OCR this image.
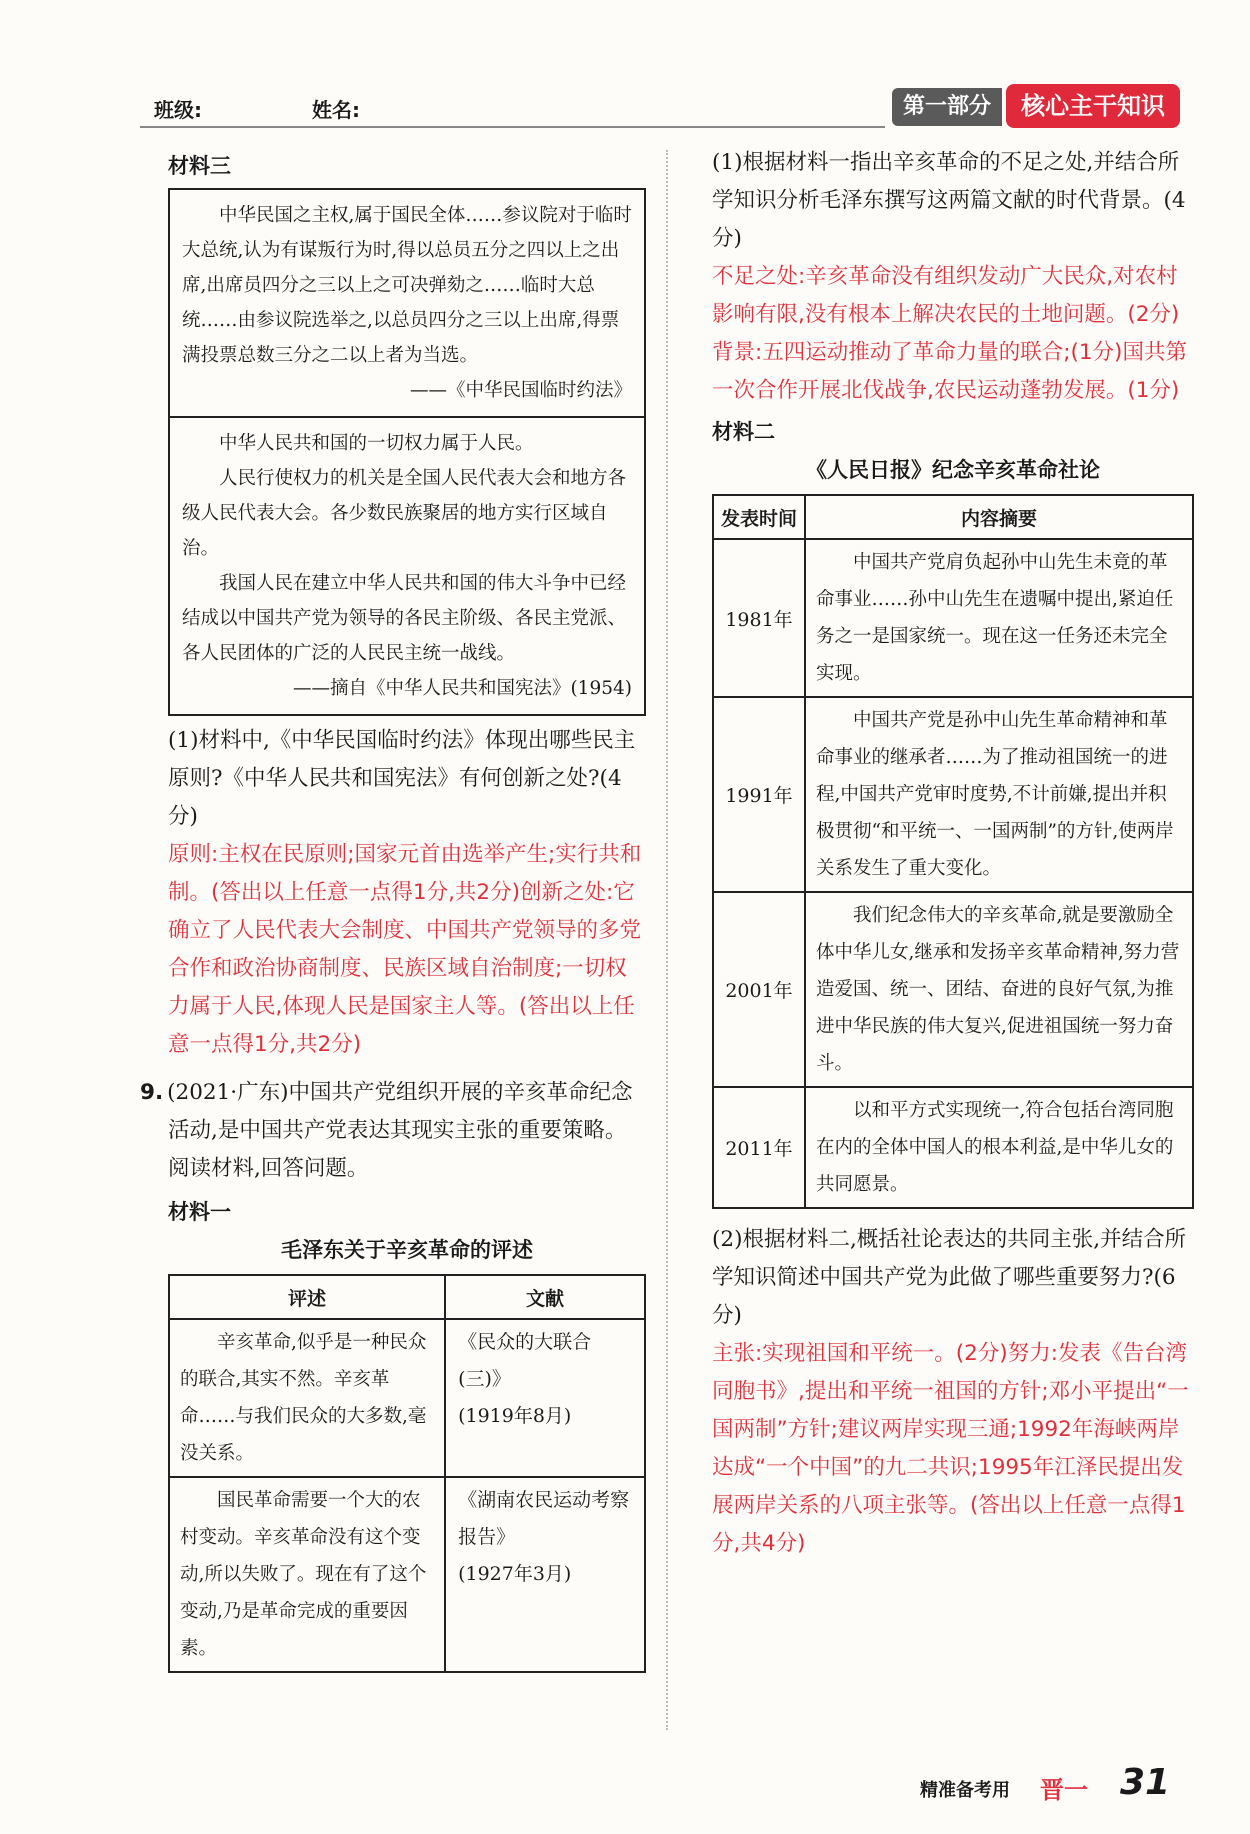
班级:	姓名:	第一部分	核心主干知识
材料三

中华民国之主权,属于国民全体……参议院对于临时大总统,认为有谋叛行为时,得以总员五分之四以上之出席,出席员四分之三以上之可决弹劾之……临时大总统……由参议院选举之,以总员四分之三以上出席,得票满投票总数三分之二以上者为当选。

——《中华民国临时约法》

中华人民共和国的一切权力属于人民。

人民行使权力的机关是全国人民代表大会和地方各级人民代表大会。各少数民族聚居的地方实行区域自治。

我国人民在建立中华人民共和国的伟大斗争中已经结成以中国共产党为领导的各民主阶级、各民主党派、各人民团体的广泛的人民民主统一战线。

——摘自《中华人民共和国宪法》(1954)

(1)材料中,《中华民国临时约法》体现出哪些民主原则?《中华人民共和国宪法》有何创新之处?(4分)

原则:主权在民原则;国家元首由选举产生;实行共和制。(答出以上任意一点得1分,共2分)创新之处:它确立了人民代表大会制度、中国共产党领导的多党合作和政治协商制度、民族区域自治制度;一切权力属于人民,体现人民是国家主人等。(答出以上任意一点得1分,共2分)

9. (2021·广东)中国共产党组织开展的辛亥革命纪念活动,是中国共产党表达其现实主张的重要策略。阅读材料,回答问题。

材料一
毛泽东关于辛亥革命的评述
评述	文献
辛亥革命,似乎是一种民众的联合,其实不然。辛亥革命……与我们民众的大多数,毫没关系。	《民众的大联合(三)》
(1919年8月)

国民革命需要一个大的农村变动。辛亥革命没有这个变动,所以失败了。现在有了这个变动,乃是革命完成的重要因素。	《湖南农民运动考察报告》
(1927年3月)

(1)根据材料一指出辛亥革命的不足之处,并结合所学知识分析毛泽东撰写这两篇文献的时代背景。(4分)

不足之处:辛亥革命没有组织发动广大民众,对农村影响有限,没有根本上解决农民的土地问题。(2分)背景:五四运动推动了革命力量的联合;(1分)国共第一次合作开展北伐战争,农民运动蓬勃发展。(1分)

材料二
《人民日报》纪念辛亥革命社论
发表时间	内容摘要
1981年	中国共产党肩负起孙中山先生未竟的革命事业……孙中山先生在遗嘱中提出,紧迫任务之一是国家统一。现在这一任务还未完全实现。
1991年	中国共产党是孙中山先生革命精神和革命事业的继承者……为了推动祖国统一的进程,中国共产党审时度势,不计前嫌,提出并积极贯彻“和平统一、一国两制”的方针,使两岸关系发生了重大变化。
2001年	我们纪念伟大的辛亥革命,就是要激励全体中华儿女,继承和发扬辛亥革命精神,努力营造爱国、统一、团结、奋进的良好气氛,为推进中华民族的伟大复兴,促进祖国统一努力奋斗。
2011年	以和平方式实现统一,符合包括台湾同胞在内的全体中国人的根本利益,是中华儿女的共同愿景。

(2)根据材料二,概括社论表达的共同主张,并结合所学知识简述中国共产党为此做了哪些重要努力?(6分)

主张:实现祖国和平统一。(2分)努力:发表《告台湾同胞书》,提出和平统一祖国的方针;邓小平提出“一国两制”方针;建议两岸实现三通;1992年海峡两岸达成“一个中国”的九二共识;1995年江泽民提出发展两岸关系的八项主张等。(答出以上任意一点得1分,共4分)

精准备考用 晋一 31
